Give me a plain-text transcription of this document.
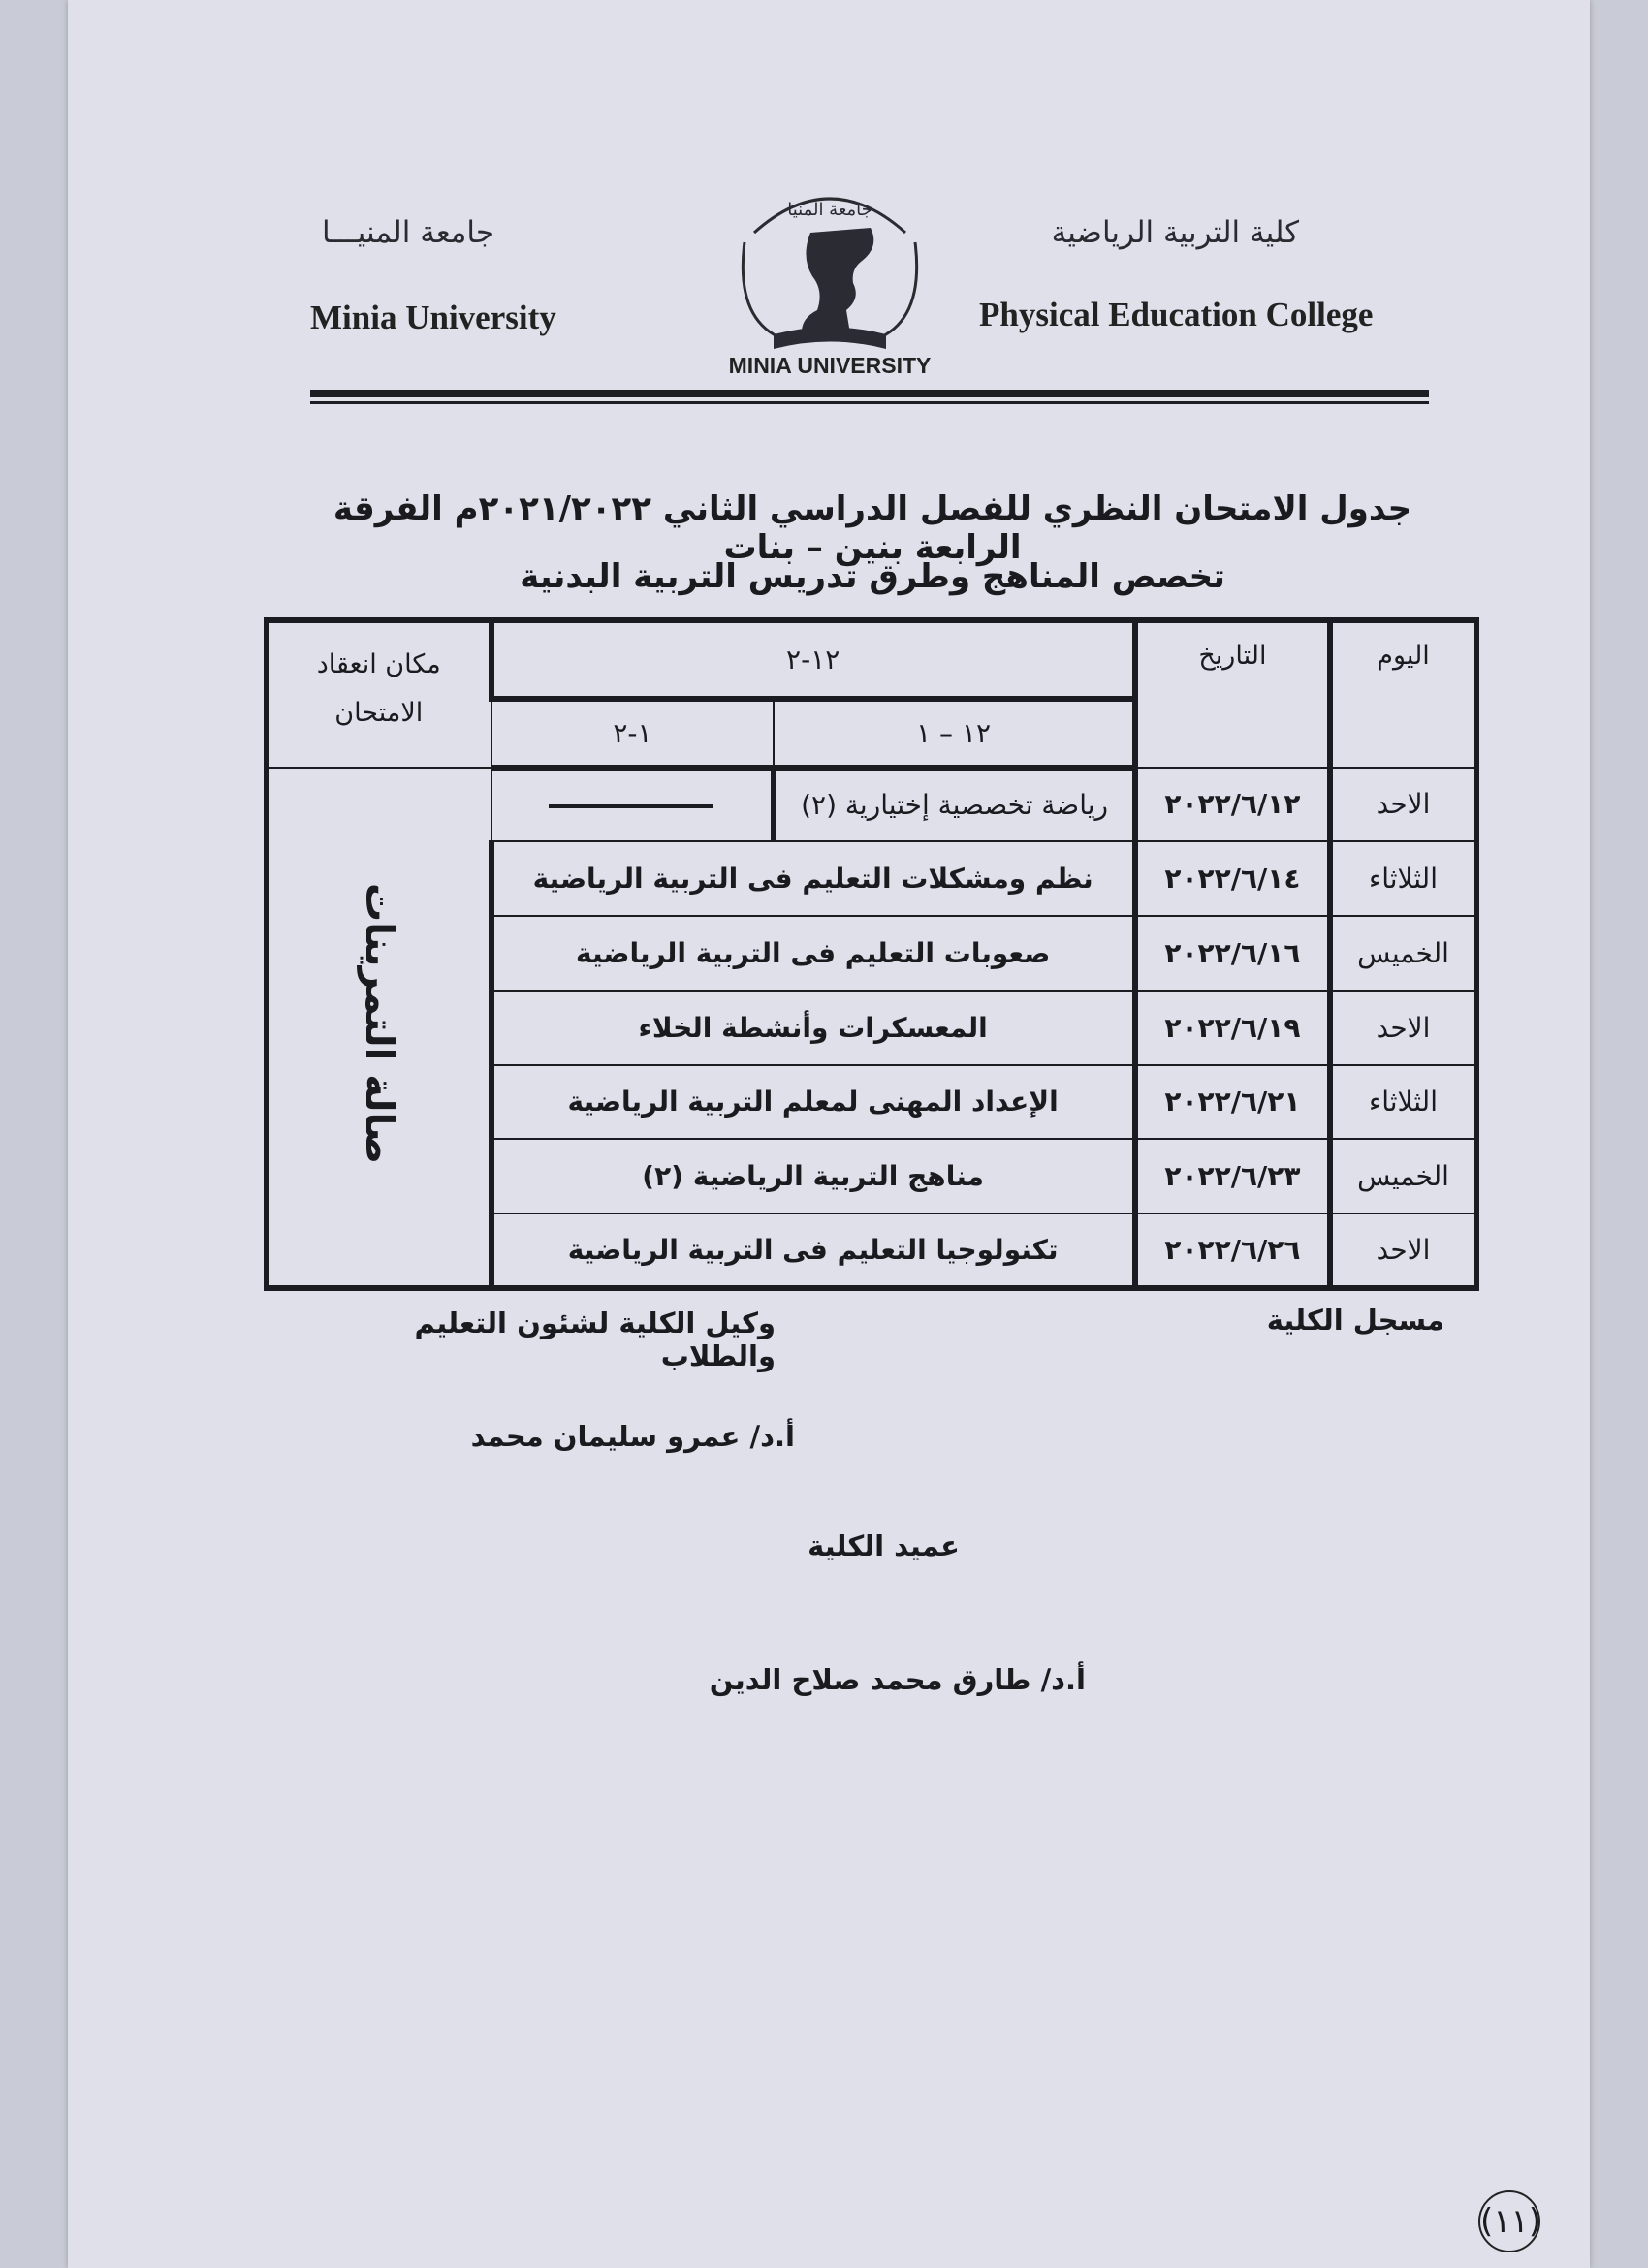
كلية التربية الرياضية
جامعة المنيـــا
Physical Education College
Minia University
جامعة المنيا
MINIA UNIVERSITY
جدول الامتحان النظري للفصل الدراسي الثاني ٢٠٢١/٢٠٢٢م الفرقة الرابعة بنين – بنات
تخصص المناهج وطرق تدريس التربية البدنية
اليوم	التاريخ	١٢-٢		مكان انعقاد الامتحان
		١٢ – ١	١-٢	
الاحد	٢٠٢٢/٦/١٢	رياضة تخصصية إختيارية (٢)		صالة التمرينات
الثلاثاء	٢٠٢٢/٦/١٤	نظم ومشكلات التعليم فى التربية الرياضية		
الخميس	٢٠٢٢/٦/١٦	صعوبات التعليم فى التربية الرياضية		
الاحد	٢٠٢٢/٦/١٩	المعسكرات وأنشطة الخلاء		
الثلاثاء	٢٠٢٢/٦/٢١	الإعداد المهنى لمعلم التربية الرياضية		
الخميس	٢٠٢٢/٦/٢٣	مناهج التربية الرياضية (٢)		
الاحد	٢٠٢٢/٦/٢٦	تكنولوجيا التعليم فى التربية الرياضية		
مسجل الكلية
وكيل الكلية لشئون التعليم والطلاب
أ.د/ عمرو سليمان محمد
عميد الكلية
أ.د/ طارق محمد صلاح الدين
(١١)
